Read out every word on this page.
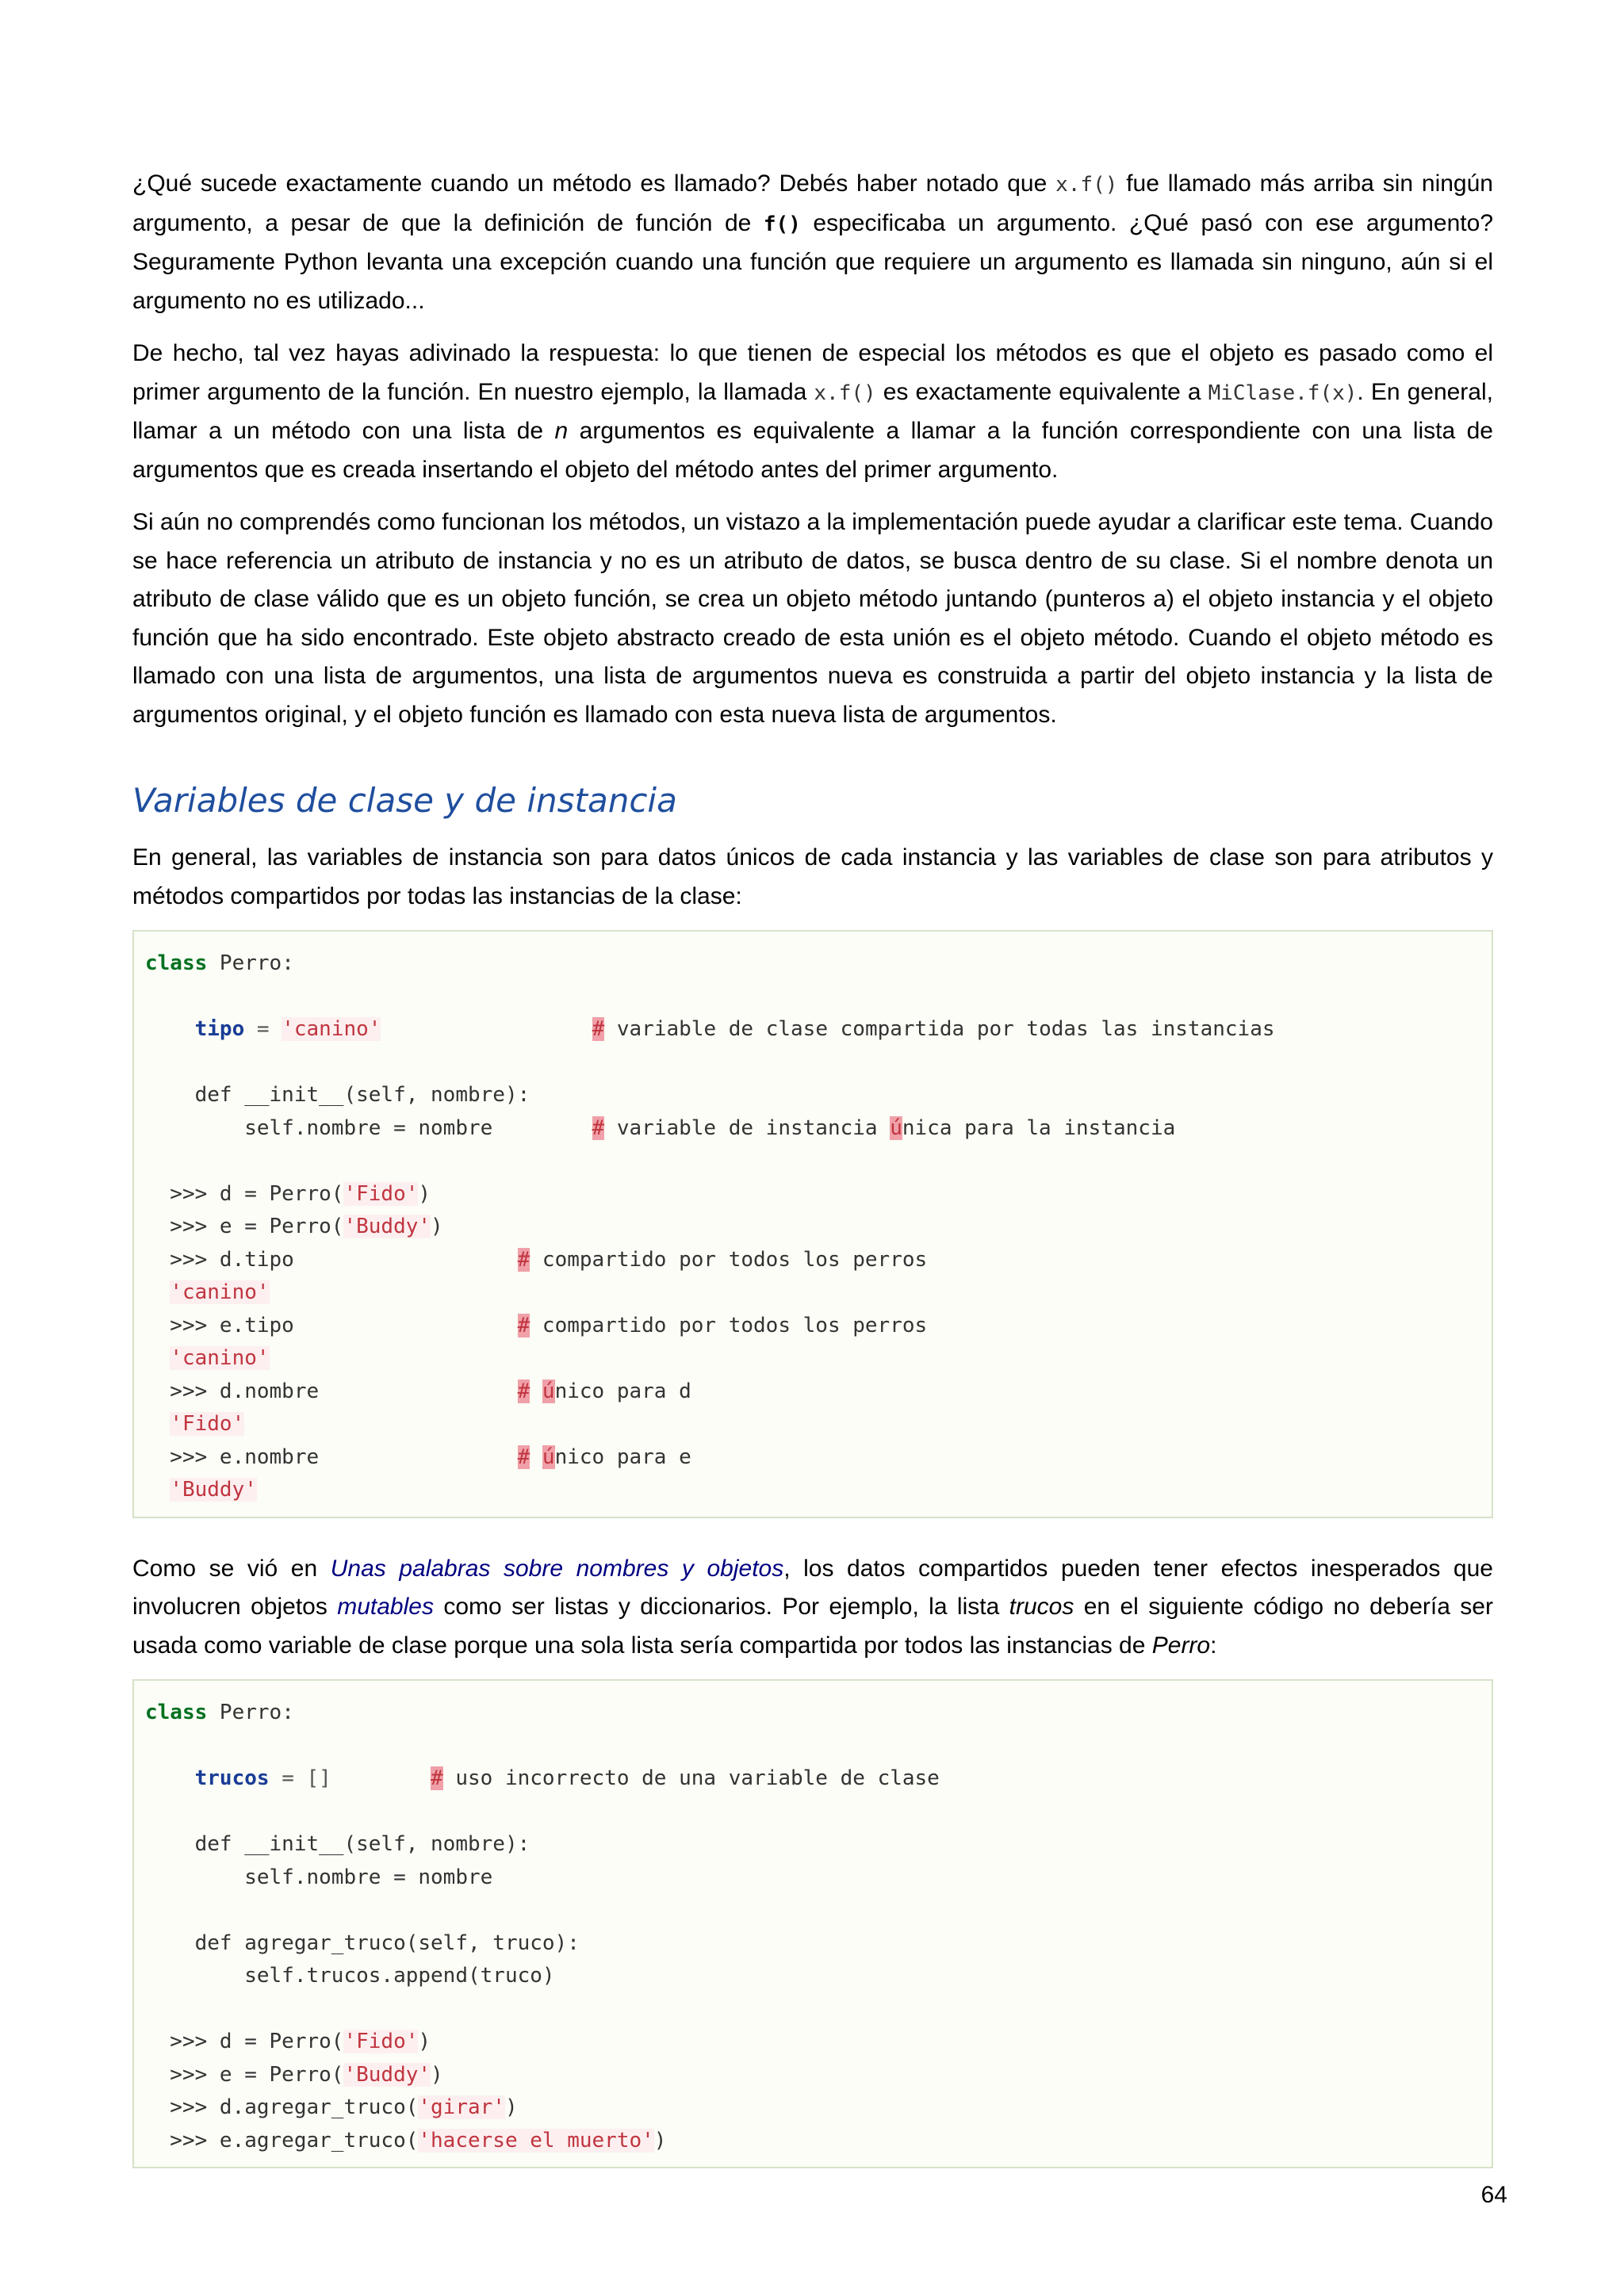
¿Qué sucede exactamente cuando un método es llamado? Debés haber notado que x.f() fue llamado más arriba sin ningún argumento, a pesar de que la definición de función de f() especificaba un argumento. ¿Qué pasó con ese argumento? Seguramente Python levanta una excepción cuando una función que requiere un argumento es llamada sin ninguno, aún si el argumento no es utilizado...

De hecho, tal vez hayas adivinado la respuesta: lo que tienen de especial los métodos es que el objeto es pasado como el primer argumento de la función. En nuestro ejemplo, la llamada x.f() es exactamente equivalente a MiClase.f(x). En general, llamar a un método con una lista de n argumentos es equivalente a llamar a la función correspondiente con una lista de argumentos que es creada insertando el objeto del método antes del primer argumento.

Si aún no comprendés como funcionan los métodos, un vistazo a la implementación puede ayudar a clarificar este tema. Cuando se hace referencia un atributo de instancia y no es un atributo de datos, se busca dentro de su clase. Si el nombre denota un atributo de clase válido que es un objeto función, se crea un objeto método juntando (punteros a) el objeto instancia y el objeto función que ha sido encontrado. Este objeto abstracto creado de esta unión es el objeto método. Cuando el objeto método es llamado con una lista de argumentos, una lista de argumentos nueva es construida a partir del objeto instancia y la lista de argumentos original, y el objeto función es llamado con esta nueva lista de argumentos.

Variables de clase y de instancia

En general, las variables de instancia son para datos únicos de cada instancia y las variables de clase son para atributos y métodos compartidos por todas las instancias de la clase:

class Perro:
tipo = 'canino'	# variable de clase compartida por todas las instancias
def __init__(self, nombre):
self.nombre = nombre        # variable de instancia única para la instancia
>>> d = Perro('Fido')
>>> e = Perro('Buddy')
>>> d.tipo                  # compartido por todos los perros
'canino'
>>> e.tipo                  # compartido por todos los perros
'canino'
>>> d.nombre                # único para d
'Fido'
>>> e.nombre                # único para e
'Buddy'

Como se vió en Unas palabras sobre nombres y objetos, los datos compartidos pueden tener efectos inesperados que involucren objetos mutables como ser listas y diccionarios. Por ejemplo, la lista trucos en el siguiente código no debería ser usada como variable de clase porque una sola lista sería compartida por todos las instancias de Perro:

class Perro:
trucos = []        # uso incorrecto de una variable de clase
def __init__(self, nombre):
self.nombre = nombre
def agregar_truco(self, truco):
self.trucos.append(truco)
>>> d = Perro('Fido')
>>> e = Perro('Buddy')
>>> d.agregar_truco('girar')
>>> e.agregar_truco('hacerse el muerto')
64
